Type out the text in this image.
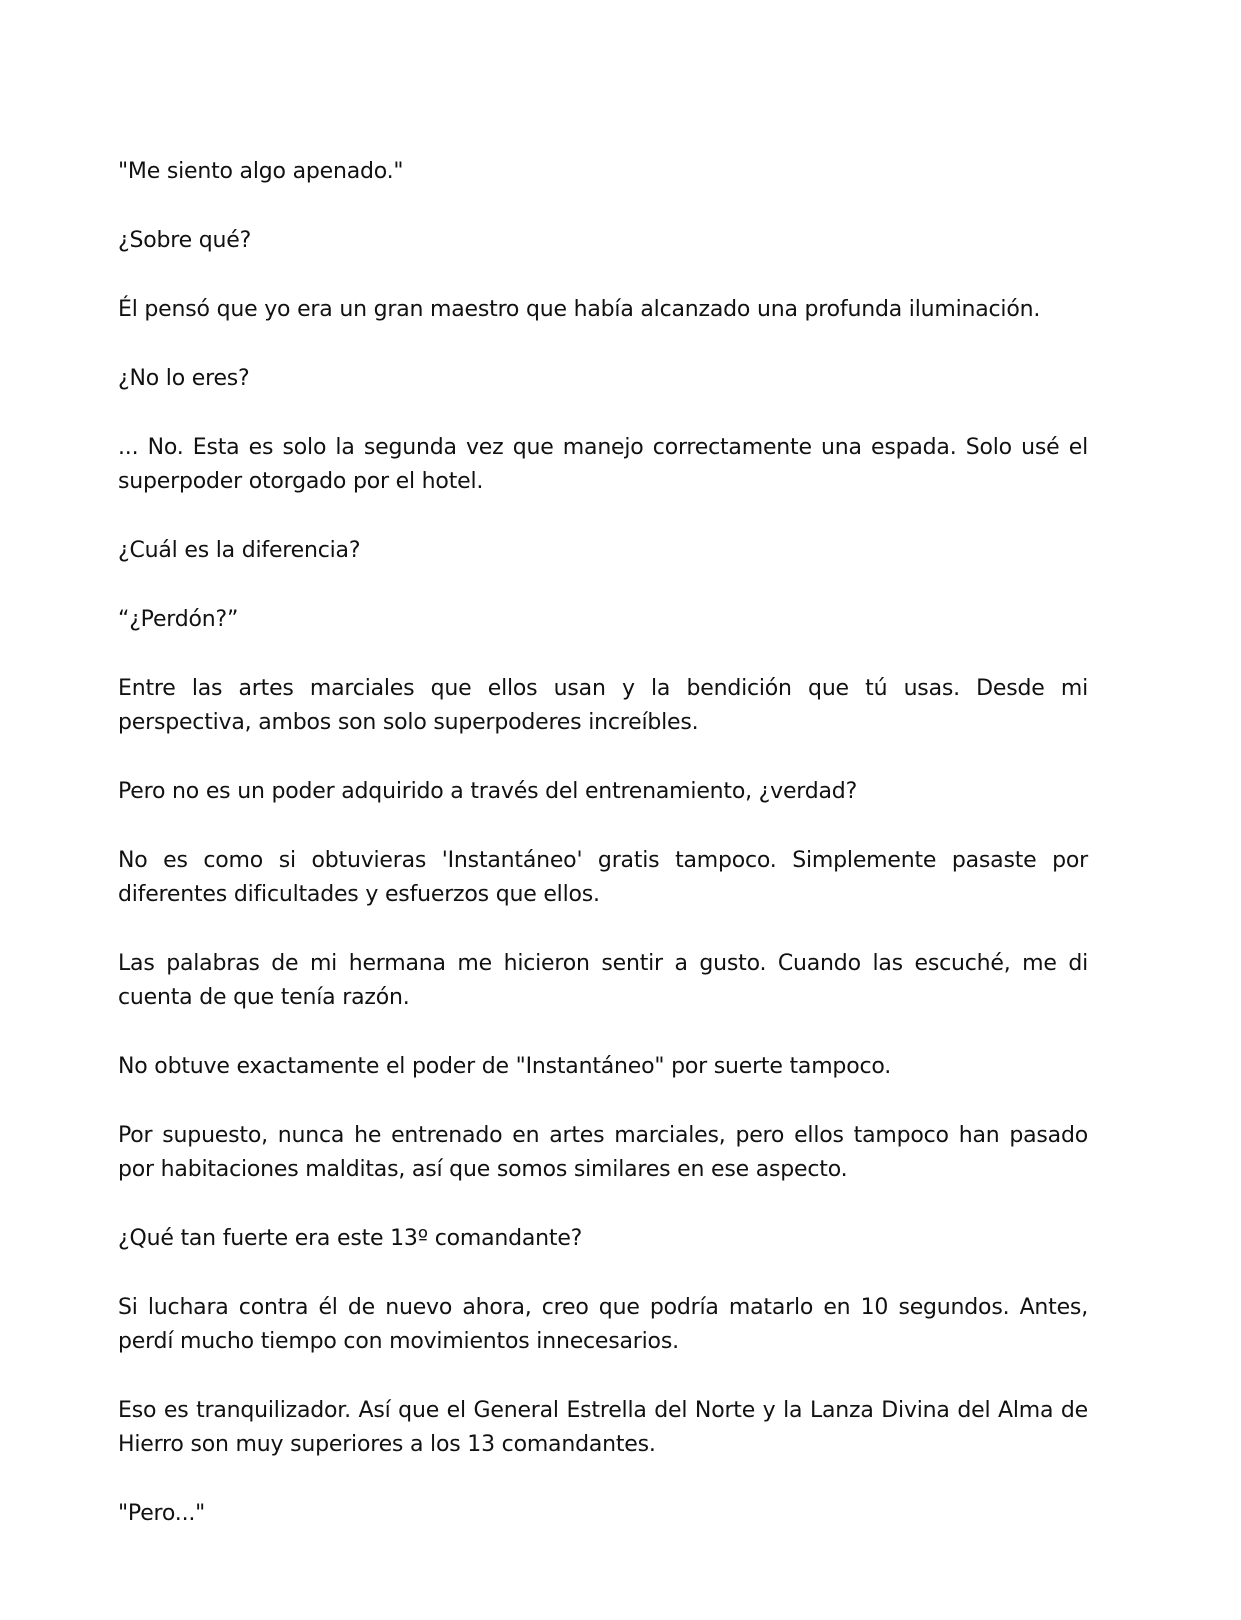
"Me siento algo apenado."

¿Sobre qué?

Él pensó que yo era un gran maestro que había alcanzado una profunda iluminación.

¿No lo eres?

... No. Esta es solo la segunda vez que manejo correctamente una espada. Solo usé el superpoder otorgado por el hotel.

¿Cuál es la diferencia?

“¿Perdón?”

Entre las artes marciales que ellos usan y la bendición que tú usas. Desde mi perspectiva, ambos son solo superpoderes increíbles.

Pero no es un poder adquirido a través del entrenamiento, ¿verdad?

No es como si obtuvieras 'Instantáneo' gratis tampoco. Simplemente pasaste por diferentes dificultades y esfuerzos que ellos.

Las palabras de mi hermana me hicieron sentir a gusto. Cuando las escuché, me di cuenta de que tenía razón.

No obtuve exactamente el poder de "Instantáneo" por suerte tampoco.

Por supuesto, nunca he entrenado en artes marciales, pero ellos tampoco han pasado por habitaciones malditas, así que somos similares en ese aspecto.

¿Qué tan fuerte era este 13º comandante?

Si luchara contra él de nuevo ahora, creo que podría matarlo en 10 segundos. Antes, perdí mucho tiempo con movimientos innecesarios.

Eso es tranquilizador. Así que el General Estrella del Norte y la Lanza Divina del Alma de Hierro son muy superiores a los 13 comandantes.

"Pero..."
